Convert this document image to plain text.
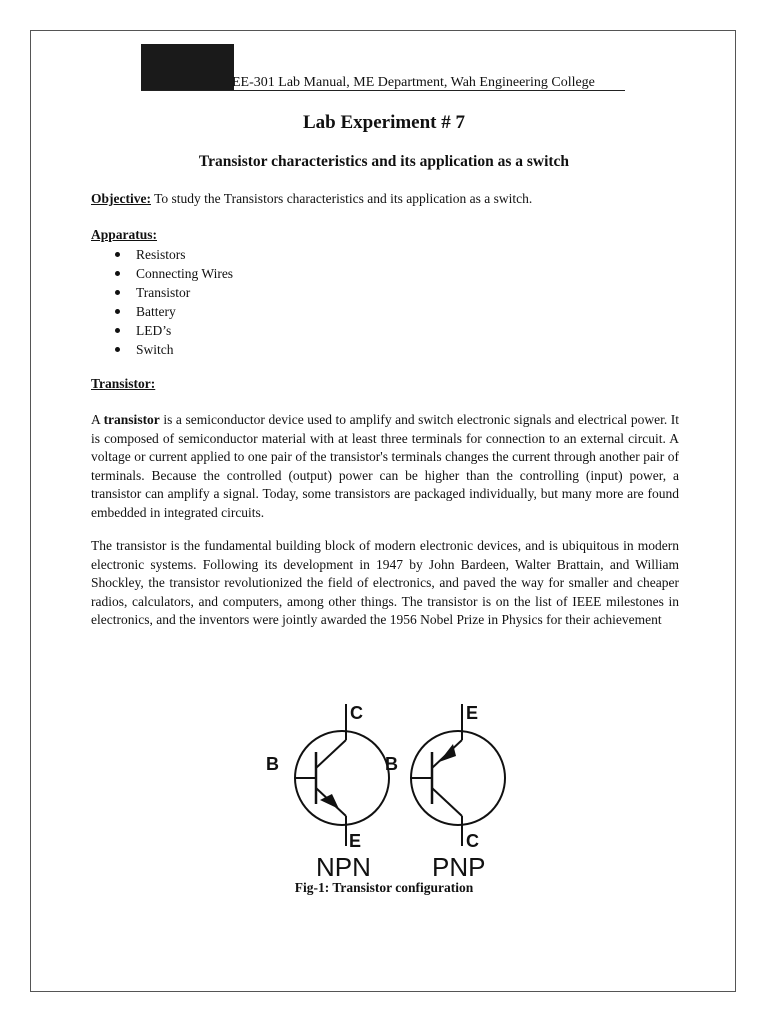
EE-301 Lab Manual, ME Department, Wah Engineering College
Lab Experiment # 7
Transistor characteristics and its application as a switch
Objective: To study the Transistors characteristics and its application as a switch.
Apparatus:
Resistors
Connecting Wires
Transistor
Battery
LED’s
Switch
Transistor:

A transistor is a semiconductor device used to amplify and switch electronic signals and electrical power. It is composed of semiconductor material with at least three terminals for connection to an external circuit. A voltage or current applied to one pair of the transistor's terminals changes the current through another pair of terminals. Because the controlled (output) power can be higher than the controlling (input) power, a transistor can amplify a signal. Today, some transistors are packaged individually, but many more are found embedded in integrated circuits.

The transistor is the fundamental building block of modern electronic devices, and is ubiquitous in modern electronic systems. Following its development in 1947 by John Bardeen, Walter Brattain, and William Shockley, the transistor revolutionized the field of electronics, and paved the way for smaller and cheaper radios, calculators, and computers, among other things. The transistor is on the list of IEEE milestones in electronics, and the inventors were jointly awarded the 1956 Nobel Prize in Physics for their achievement

C
B
E
E
B
C
NPN PNP
Fig-1: Transistor configuration
